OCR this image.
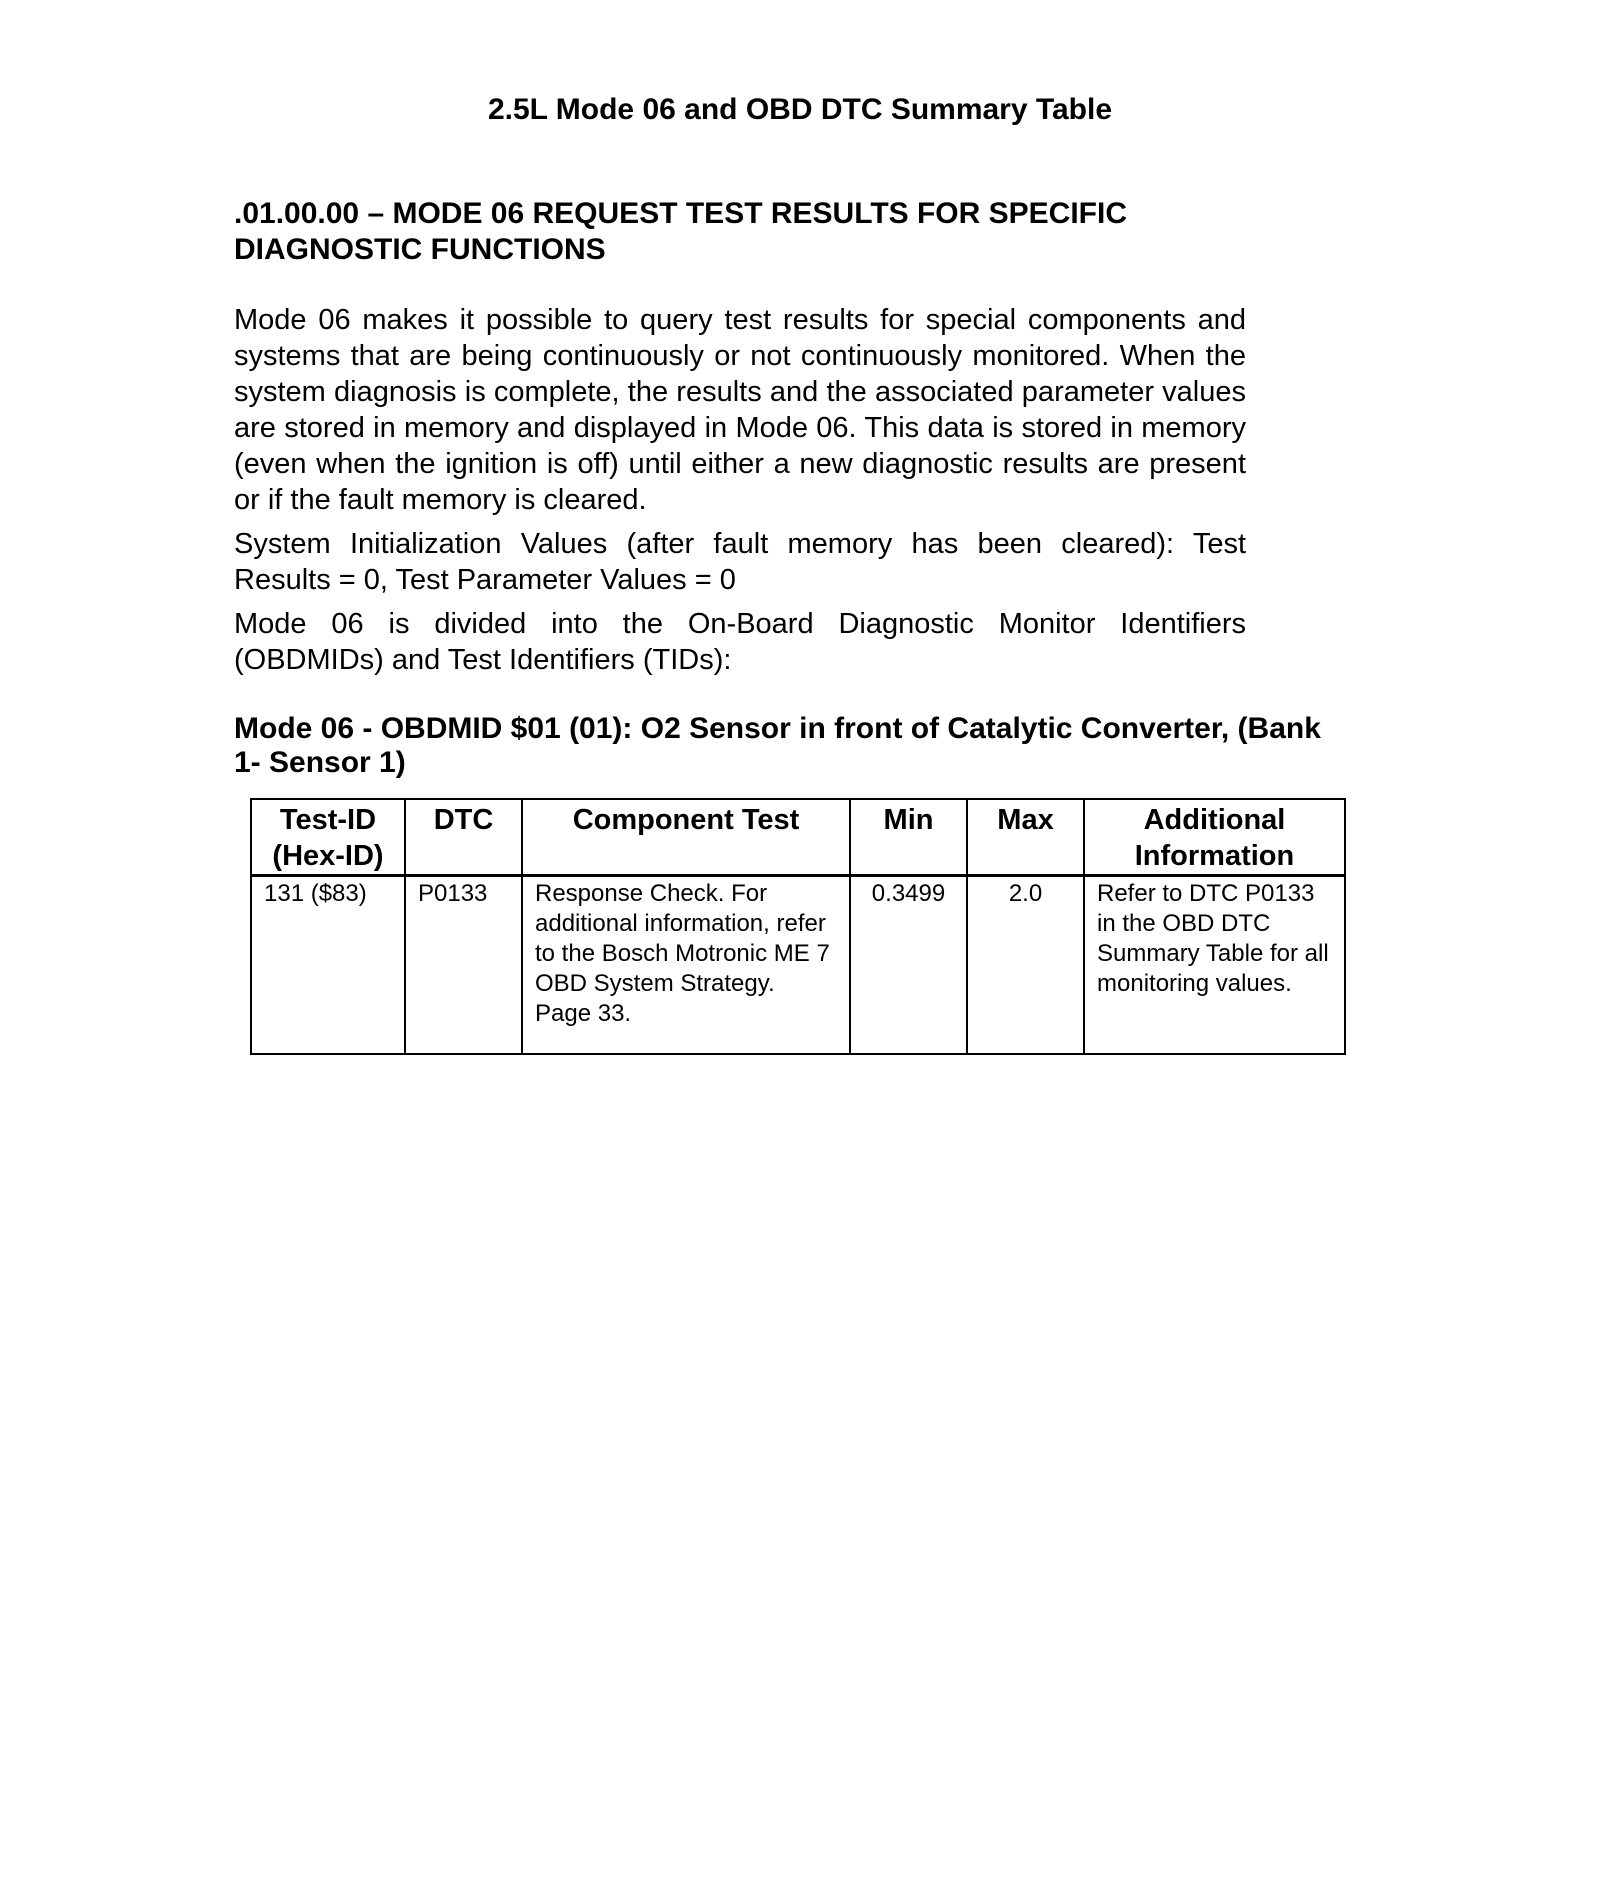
2.5L Mode 06 and OBD DTC Summary Table
.01.00.00 – MODE 06 REQUEST TEST RESULTS FOR SPECIFIC DIAGNOSTIC FUNCTIONS
Mode 06 makes it possible to query test results for special components and systems that are being continuously or not continuously monitored. When the system diagnosis is complete, the results and the associated parameter values are stored in memory and displayed in Mode 06. This data is stored in memory (even when the ignition is off) until either a new diagnostic results are present or if the fault memory is cleared.
System Initialization Values (after fault memory has been cleared): Test Results = 0, Test Parameter Values = 0
Mode 06 is divided into the On-Board Diagnostic Monitor Identifiers (OBDMIDs) and Test Identifiers (TIDs):
Mode 06 - OBDMID $01 (01): O2 Sensor in front of Catalytic Converter, (Bank 1- Sensor 1)
Test-ID (Hex-ID)	DTC	Component Test	Min	Max	Additional Information
131 ($83)	P0133	Response Check. For additional information, refer to the Bosch Motronic ME 7 OBD System Strategy. Page 33.	0.3499	2.0	Refer to DTC P0133 in the OBD DTC Summary Table for all monitoring values.
